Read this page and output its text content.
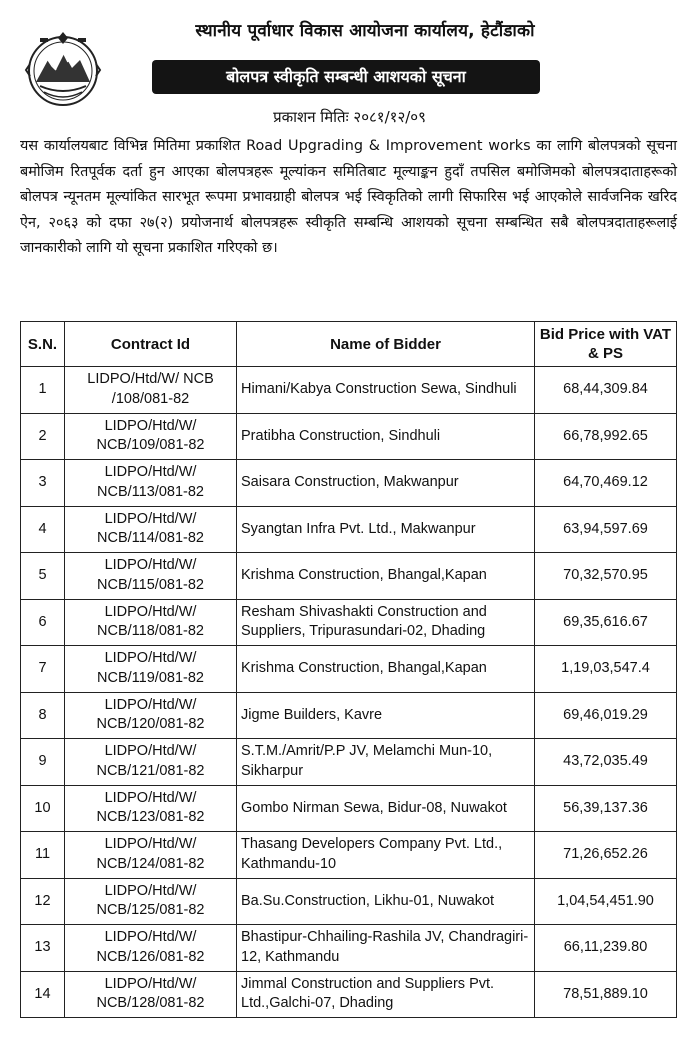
स्थानीय पूर्वाधार विकास आयोजना कार्यालय, हेटौंडाको
बोलपत्र स्वीकृति सम्बन्धी आशयको सूचना
प्रकाशन मितिः २०८१/१२/०९
यस कार्यालयबाट विभिन्न मितिमा प्रकाशित Road Upgrading & Improvement works का लागि बोलपत्रको सूचना बमोजिम रितपूर्वक दर्ता हुन आएका बोलपत्रहरू मूल्यांकन समितिबाट मूल्याङ्कन हुदाँ तपसिल बमोजिमको बोलपत्रदाताहरूको बोलपत्र न्यूनतम मूल्यांकित सारभूत रूपमा प्रभावग्राही बोलपत्र भई स्विकृतिको लागी सिफारिस भई आएकोले सार्वजनिक खरिद ऐन, २०६३ को दफा २७(२) प्रयोजनार्थ बोलपत्रहरू स्वीकृति सम्बन्धि आशयको सूचना सम्बन्धित सबै बोलपत्रदाताहरूलाई जानकारीको लागि यो सूचना प्रकाशित गरिएको छ।
S.N.	Contract Id	Name of Bidder	Bid Price with VAT & PS
1	LIDPO/Htd/W/ NCB /108/081-82	Himani/Kabya Construction Sewa, Sindhuli	68,44,309.84
2	LIDPO/Htd/W/ NCB/109/081-82	Pratibha Construction, Sindhuli	66,78,992.65
3	LIDPO/Htd/W/ NCB/113/081-82	Saisara Construction, Makwanpur	64,70,469.12
4	LIDPO/Htd/W/ NCB/114/081-82	Syangtan Infra Pvt. Ltd., Makwanpur	63,94,597.69
5	LIDPO/Htd/W/ NCB/115/081-82	Krishma Construction, Bhangal,Kapan	70,32,570.95
6	LIDPO/Htd/W/ NCB/118/081-82	Resham Shivashakti Construction and Suppliers, Tripurasundari-02, Dhading	69,35,616.67
7	LIDPO/Htd/W/ NCB/119/081-82	Krishma Construction, Bhangal,Kapan	1,19,03,547.4
8	LIDPO/Htd/W/ NCB/120/081-82	Jigme Builders, Kavre	69,46,019.29
9	LIDPO/Htd/W/ NCB/121/081-82	S.T.M./Amrit/P.P JV, Melamchi Mun-10, Sikharpur	43,72,035.49
10	LIDPO/Htd/W/ NCB/123/081-82	Gombo Nirman Sewa, Bidur-08, Nuwakot	56,39,137.36
11	LIDPO/Htd/W/ NCB/124/081-82	Thasang Developers Company Pvt. Ltd., Kathmandu-10	71,26,652.26
12	LIDPO/Htd/W/ NCB/125/081-82	Ba.Su.Construction, Likhu-01, Nuwakot	1,04,54,451.90
13	LIDPO/Htd/W/ NCB/126/081-82	Bhastipur-Chhailing-Rashila JV, Chandragiri-12, Kathmandu	66,11,239.80
14	LIDPO/Htd/W/ NCB/128/081-82	Jimmal Construction and Suppliers Pvt. Ltd.,Galchi-07, Dhading	78,51,889.10
